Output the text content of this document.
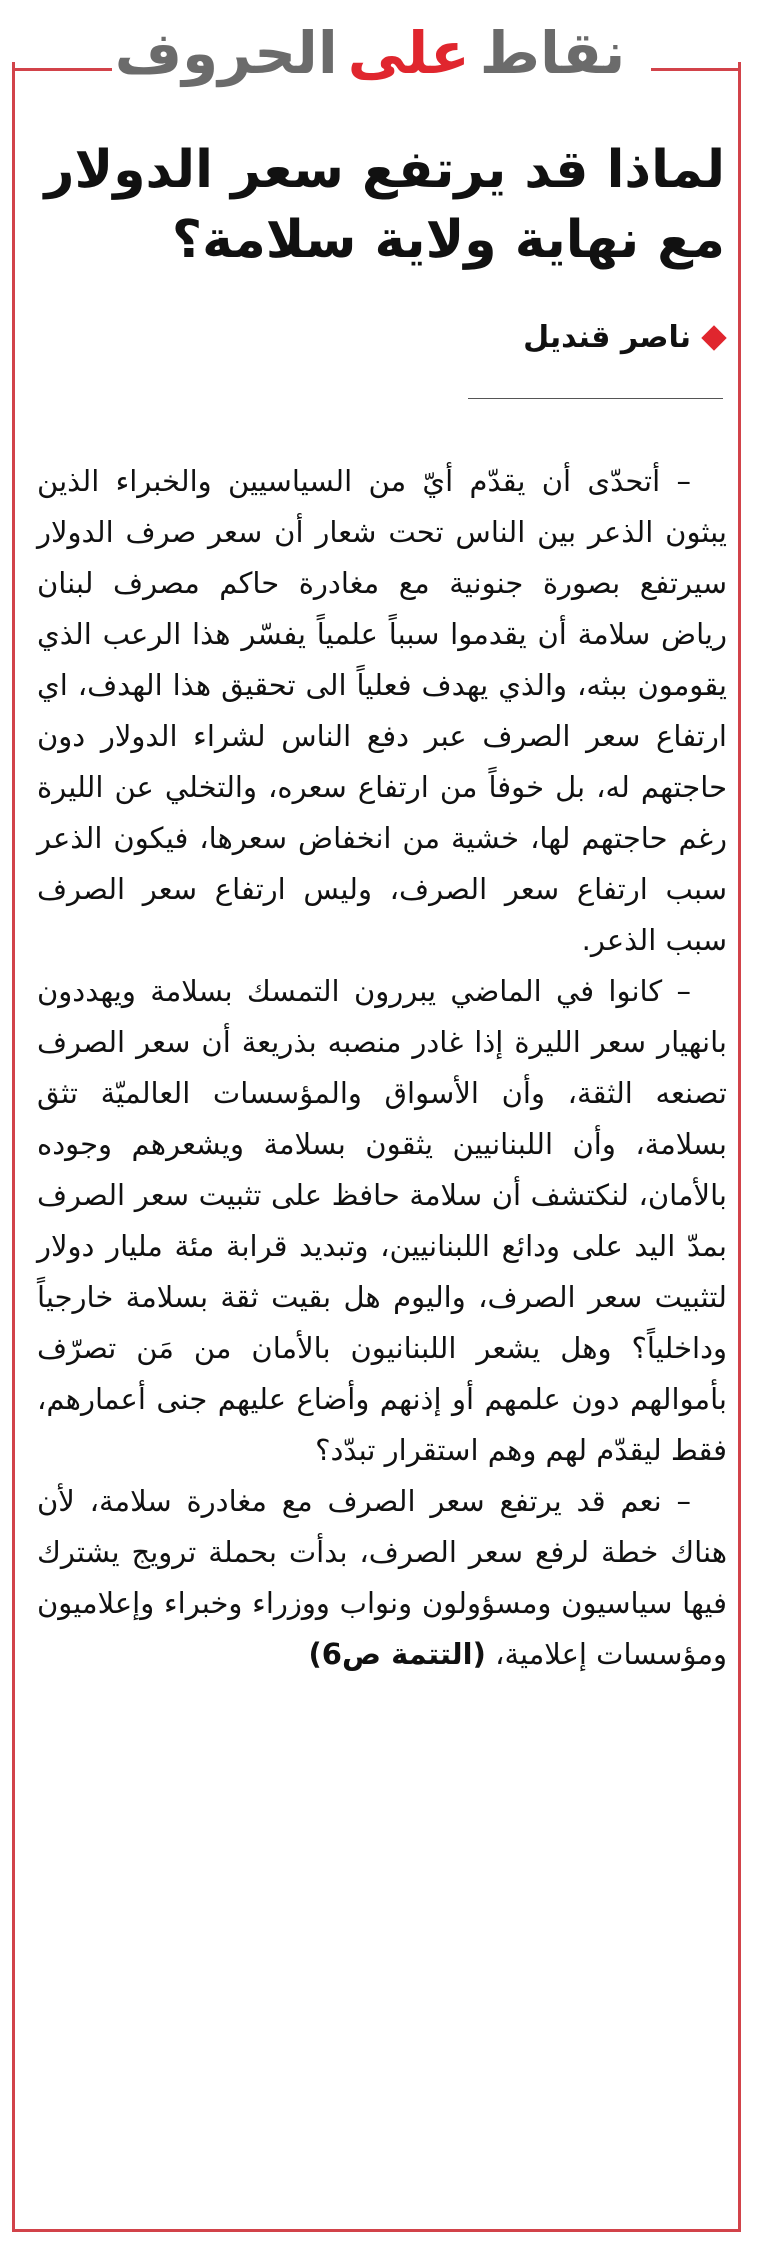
نقاط
على
الحروف
لماذا قد يرتفع سعر الدولار
مع نهاية ولاية سلامة؟
ناصر قنديل

– أتحدّى أن يقدّم أيّ من السياسيين والخبراء الذين يبثون الذعر بين الناس تحت شعار أن سعر صرف الدولار سيرتفع بصورة جنونية مع مغادرة حاكم مصرف لبنان رياض سلامة أن يقدموا سبباً علمياً يفسّر هذا الرعب الذي يقومون ببثه، والذي يهدف فعلياً الى تحقيق هذا الهدف، اي ارتفاع سعر الصرف عبر دفع الناس لشراء الدولار دون حاجتهم له، بل خوفاً من ارتفاع سعره، والتخلي عن الليرة رغم حاجتهم لها، خشية من انخفاض سعرها، فيكون الذعر سبب ارتفاع سعر الصرف، وليس ارتفاع سعر الصرف سبب الذعر.

– كانوا في الماضي يبررون التمسك بسلامة ويهددون بانهيار سعر الليرة إذا غادر منصبه بذريعة أن سعر الصرف تصنعه الثقة، وأن الأسواق والمؤسسات العالميّة تثق بسلامة، وأن اللبنانيين يثقون بسلامة ويشعرهم وجوده بالأمان، لنكتشف أن سلامة حافظ على تثبيت سعر الصرف بمدّ اليد على ودائع اللبنانيين، وتبديد قرابة مئة مليار دولار لتثبيت سعر الصرف، واليوم هل بقيت ثقة بسلامة خارجياً وداخلياً؟ وهل يشعر اللبنانيون بالأمان من مَن تصرّف بأموالهم دون علمهم أو إذنهم وأضاع عليهم جنى أعمارهم، فقط ليقدّم لهم وهم استقرار تبدّد؟

– نعم قد يرتفع سعر الصرف مع مغادرة سلامة، لأن هناك خطة لرفع سعر الصرف، بدأت بحملة ترويج يشترك فيها سياسيون ومسؤولون ونواب ووزراء وخبراء وإعلاميون ومؤسسات إعلامية، (التتمة ص6)
